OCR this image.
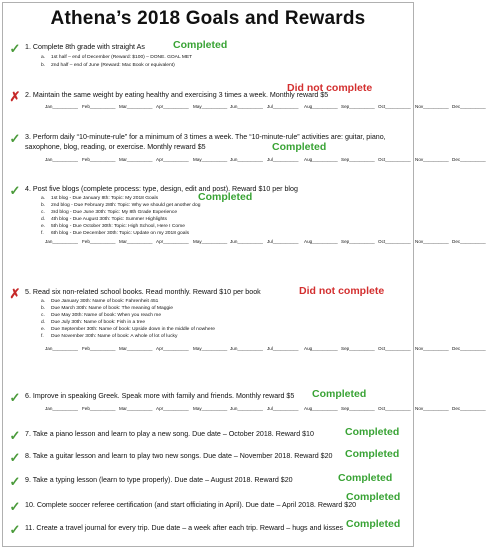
Athena’s 2018 Goals and Rewards
✓ 1. Complete 8th grade with straight As
a. 1st half – end of December (Reward: $100) – DONE. GOAL MET
b. 2nd half – end of June (Reward: Mac Book or equivalent)
Completed
✗ 2. Maintain the same weight by eating healthy and exercising 3 times a week. Monthly reward $5
Jan__________ Feb__________ Mar__________ Apr__________ May__________ Jun__________ Jul__________ Aug__________ Sep__________ Oct__________ Nov__________ Dec__________
Did not complete
✓ 3. Perform daily “10-minute-rule” for a minimum of 3 times a week. The “10-minute-rule” activities are: guitar, piano, saxophone, blog, reading, or exercise. Monthly reward $5
Jan__________ Feb__________ Mar__________ Apr__________ May__________ Jun__________ Jul__________ Aug__________ Sep__________ Oct__________ Nov__________ Dec__________
Completed
✓ 4. Post five blogs (complete process: type, design, edit and post). Reward $10 per blog
a. 1st blog - Due January 8th: Topic: My 2018 Goals
b. 2nd blog - Due February 28th: Topic: Why we should get another dog
c. 3rd blog - Due June 30th: Topic: My 8th Grade Experience
d. 4th blog - Due August 30th: Topic: Summer Highlights
e. 5th blog - Due October 30th: Topic: High School, Here I Come
f. 6th blog - Due December 30th: Topic: Update on my 2018 goals
Jan__________ Feb__________ Mar__________ Apr__________ May__________ Jun__________ Jul__________ Aug__________ Sep__________ Oct__________ Nov__________ Dec__________
Completed
✗ 5. Read six non-related school books. Read monthly. Reward $10 per book
a. Due January 30th: Name of book: Fahrenheit 451
b. Due March 30th: Name of book: The meaning of Maggie
c. Due May 30th: Name of book: When you reach me
d. Due July 30th: Name of book: Fish in a tree
e. Due September 30th: Name of book: Upside down in the middle of nowhere
f. Due November 30th: Name of book: A whole of lot of lucky
Jan__________ Feb__________ Mar__________ Apr__________ May__________ Jun__________ Jul__________ Aug__________ Sep__________ Oct__________ Nov__________ Dec__________
Did not complete
✓ 6. Improve in speaking Greek. Speak more with family and friends. Monthly reward $5
Jan__________ Feb__________ Mar__________ Apr__________ May__________ Jun__________ Jul__________ Aug__________ Sep__________ Oct__________ Nov__________ Dec__________
Completed
✓ 7. Take a piano lesson and learn to play a new song. Due date – October 2018. Reward $10	Completed
✓ 8. Take a guitar lesson and learn to play two new songs. Due date – November 2018. Reward $20	Completed
✓ 9. Take a typing lesson (learn to type properly). Due date – August 2018. Reward $20	Completed
✓ 10. Complete soccer referee certification (and start officiating in April). Due date – April 2018. Reward $20
Completed
✓ 11. Create a travel journal for every trip. Due date – a week after each trip. Reward – hugs and kisses Completed
